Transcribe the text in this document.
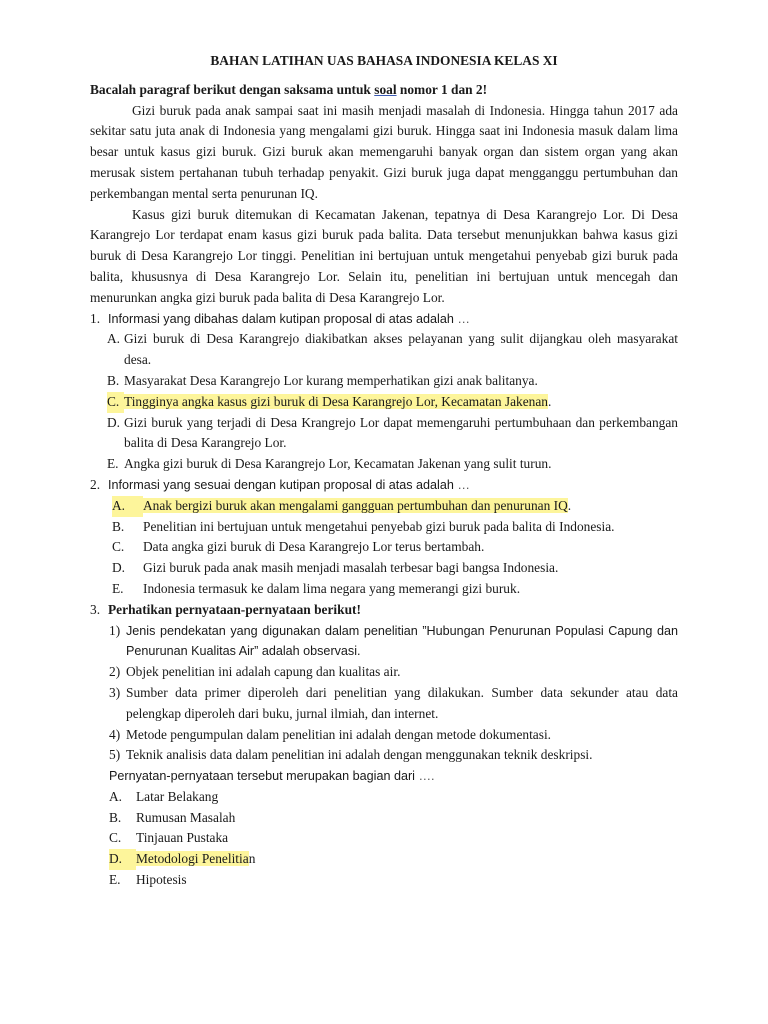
BAHAN LATIHAN UAS BAHASA INDONESIA KELAS XI

Bacalah paragraf berikut dengan saksama untuk soal nomor 1 dan 2!

Gizi buruk pada anak sampai saat ini masih menjadi masalah di Indonesia. Hingga tahun 2017 ada sekitar satu juta anak di Indonesia yang mengalami gizi buruk. Hingga saat ini Indonesia masuk dalam lima besar untuk kasus gizi buruk. Gizi buruk akan memengaruhi banyak organ dan sistem organ yang akan merusak sistem pertahanan tubuh terhadap penyakit. Gizi buruk juga dapat mengganggu pertumbuhan dan perkembangan mental serta penurunan IQ.

Kasus gizi buruk ditemukan di Kecamatan Jakenan, tepatnya di Desa Karangrejo Lor. Di Desa Karangrejo Lor terdapat enam kasus gizi buruk pada balita. Data tersebut menunjukkan bahwa kasus gizi buruk di Desa Karangrejo Lor tinggi. Penelitian ini bertujuan untuk mengetahui penyebab gizi buruk pada balita, khususnya di Desa Karangrejo Lor. Selain itu, penelitian ini bertujuan untuk mencegah dan menurunkan angka gizi buruk pada balita di Desa Karangrejo Lor.

1. Informasi yang dibahas dalam kutipan proposal di atas adalah …
A. Gizi buruk di Desa Karangrejo diakibatkan akses pelayanan yang sulit dijangkau oleh masyarakat desa.
B. Masyarakat Desa Karangrejo Lor kurang memperhatikan gizi anak balitanya.
C. Tingginya angka kasus gizi buruk di Desa Karangrejo Lor, Kecamatan Jakenan.
D. Gizi buruk yang terjadi di Desa Krangrejo Lor dapat memengaruhi pertumbuhaan dan perkembangan balita di Desa Karangrejo Lor.
E. Angka gizi buruk di Desa Karangrejo Lor, Kecamatan Jakenan yang sulit turun.
2. Informasi yang sesuai dengan kutipan proposal di atas adalah …
A.	Anak bergizi buruk akan mengalami gangguan pertumbuhan dan penurunan IQ.
B.	Penelitian ini bertujuan untuk mengetahui penyebab gizi buruk pada balita di Indonesia.
C.	Data angka gizi buruk di Desa Karangrejo Lor terus bertambah.
D.	Gizi buruk pada anak masih menjadi masalah terbesar bagi bangsa Indonesia.
E.	Indonesia termasuk ke dalam lima negara yang memerangi gizi buruk.
3. Perhatikan pernyataan-pernyataan berikut!
1) Jenis pendekatan yang digunakan dalam penelitian ”Hubungan Penurunan Populasi Capung dan Penurunan Kualitas Air” adalah observasi.
2) Objek penelitian ini adalah capung dan kualitas air.
3) Sumber data primer diperoleh dari penelitian yang dilakukan. Sumber data sekunder atau data pelengkap diperoleh dari buku, jurnal ilmiah, dan internet.
4) Metode pengumpulan dalam penelitian ini adalah dengan metode dokumentasi.
5) Teknik analisis data dalam penelitian ini adalah dengan menggunakan teknik deskripsi.

Pernyatan-pernyataan tersebut merupakan bagian dari ….

A.	Latar Belakang
B.	Rumusan Masalah
C.	Tinjauan Pustaka
D.	Metodologi Penelitian
E.	Hipotesis
